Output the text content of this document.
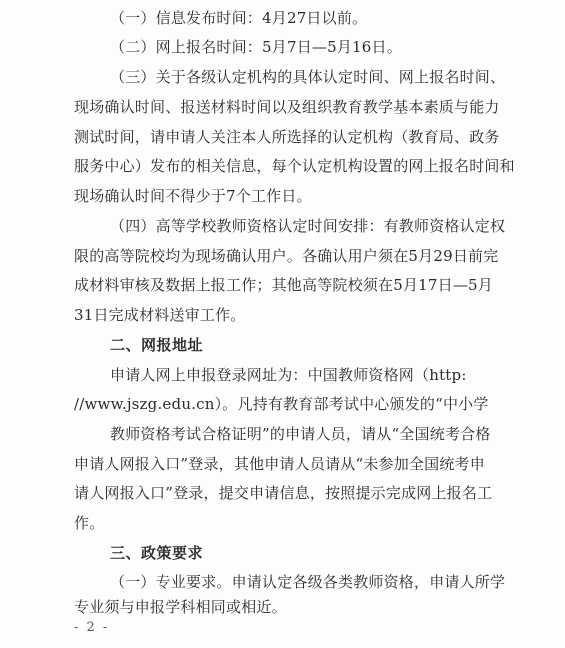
（一）信息发布时间：4月27日以前。
（二）网上报名时间：5月7日—5月16日。
（三）关于各级认定机构的具体认定时间、网上报名时间、
现场确认时间、报送材料时间以及组织教育教学基本素质与能力
测试时间，请申请人关注本人所选择的认定机构（教育局、政务
服务中心）发布的相关信息，每个认定机构设置的网上报名时间和
现场确认时间不得少于7个工作日。
（四）高等学校教师资格认定时间安排：有教师资格认定权
限的高等院校均为现场确认用户。各确认用户须在5月29日前完
成材料审核及数据上报工作；其他高等院校须在5月17日—5月
31日完成材料送审工作。
二、网报地址
申请人网上申报登录网址为：中国教师资格网（http:
//www.jszg.edu.cn）。凡持有教育部考试中心颁发的“中小学
教师资格考试合格证明”的申请人员，请从“全国统考合格
申请人网报入口”登录，其他申请人员请从“未参加全国统考申
请人网报入口”登录，提交申请信息，按照提示完成网上报名工
作。
三、政策要求
（一）专业要求。申请认定各级各类教师资格，申请人所学
专业须与申报学科相同或相近。
- 2 -
